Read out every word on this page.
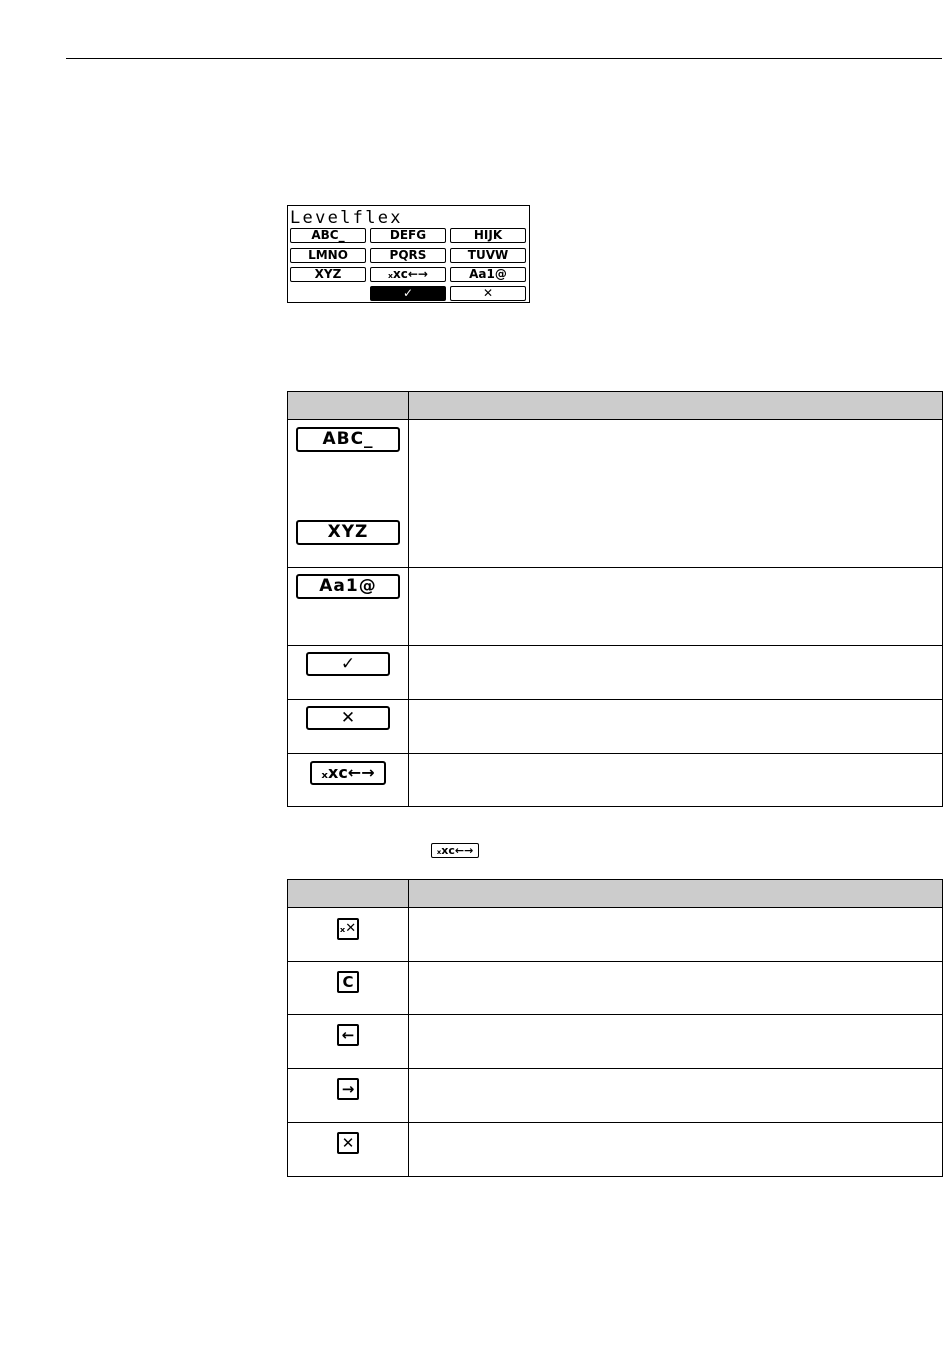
Levelflex
ABC_	DEFG	HIJK
LMNO	PQRS	TUVW
XYZ	ₓxc←→	Aa1@
✓	✕

ABC_
XYZ	

Aa1@	

✓	

✕	

ₓxc←→	

ₓxc←→

ₓ✕	

C	

←	

→	

✕	
